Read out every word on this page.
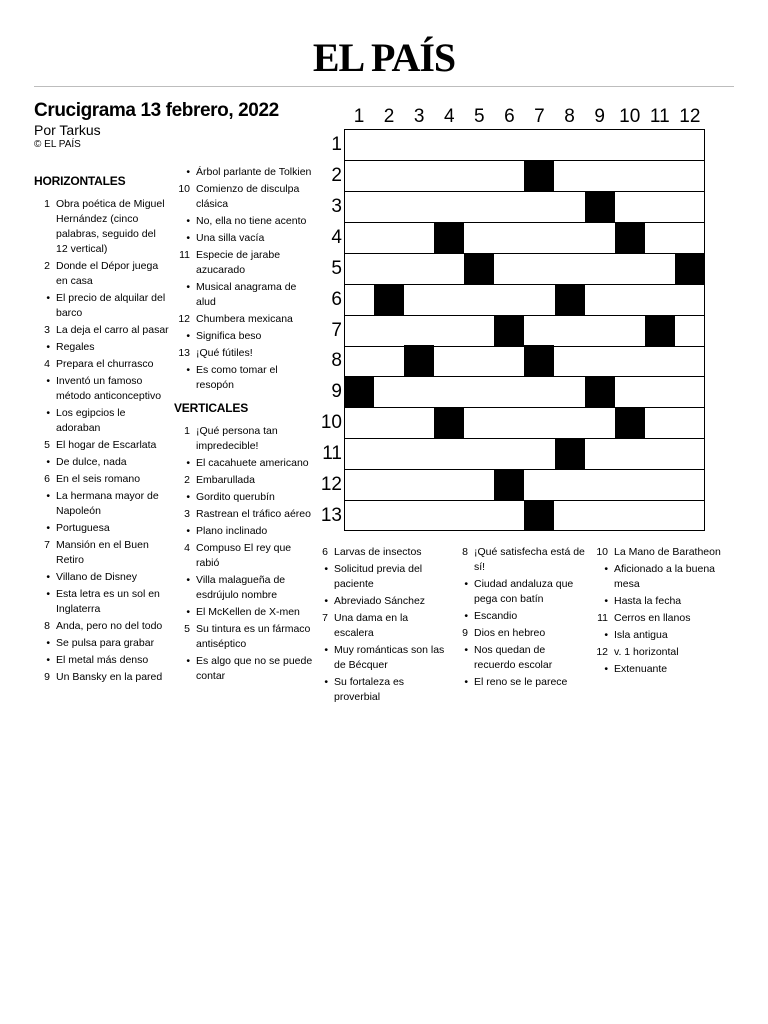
EL PAÍS
Crucigrama 13 febrero, 2022
Por Tarkus
© EL PAÍS
HORIZONTALES
1 Obra poética de Miguel Hernández (cinco palabras, seguido del 12 vertical)
2 Donde el Dépor juega en casa
• El precio de alquilar del barco
3 La deja el carro al pasar
• Regales
4 Prepara el churrasco
• Inventó un famoso método anticonceptivo
• Los egipcios le adoraban
5 El hogar de Escarlata
• De dulce, nada
6 En el seis romano
• La hermana mayor de Napoleón
• Portuguesa
7 Mansión en el Buen Retiro
• Villano de Disney
• Esta letra es un sol en Inglaterra
8 Anda, pero no del todo
• Se pulsa para grabar
• El metal más denso
9 Un Bansky en la pared
• Árbol parlante de Tolkien
10 Comienzo de disculpa clásica
• No, ella no tiene acento
• Una silla vacía
11 Especie de jarabe azucarado
• Musical anagrama de alud
12 Chumbera mexicana
• Significa beso
13 ¡Qué fútiles!
• Es como tomar el resopón
VERTICALES
1 ¡Qué persona tan impredecible!
• El cacahuete americano
2 Embarullada
• Gordito querubín
3 Rastrean el tráfico aéreo
• Plano inclinado
4 Compuso El rey que rabió
• Villa malagueña de esdrújulo nombre
• El McKellen de X-men
5 Su tintura es un fármaco antiséptico
• Es algo que no se puede contar
6 Larvas de insectos
• Solicitud previa del paciente
• Abreviado Sánchez
7 Una dama en la escalera
• Muy románticas son las de Bécquer
• Su fortaleza es proverbial
8 ¡Qué satisfecha está de sí!
• Ciudad andaluza que pega con batín
• Escandio
9 Dios en hebreo
• Nos quedan de recuerdo escolar
• El reno se le parece
10 La Mano de Baratheon
• Aficionado a la buena mesa
• Hasta la fecha
11 Cerros en llanos
• Isla antigua
12 v. 1 horizontal
• Extenuante
1	2	3	4	5	6	7	8	9 10 11 12
1
2
3
4
5
6
7
8
9
10
11
12
13
